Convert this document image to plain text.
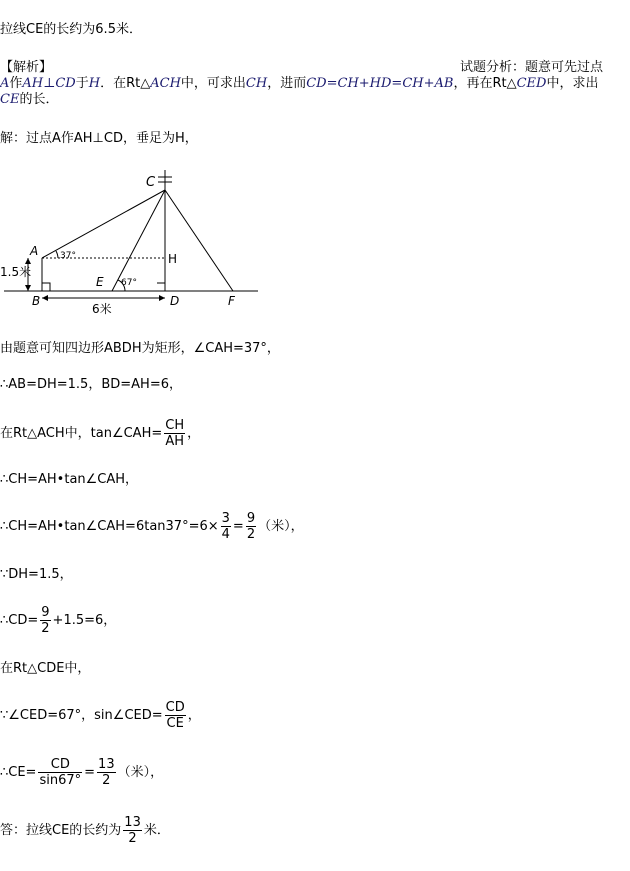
拉线CE的长约为6.5米．
【解析】	试题分析：题意可先过点
A作AH⊥CD于H．在Rt△ACH中，可求出CH，进而CD=CH+HD=CH+AB，再在Rt△CED中，求出
CE的长．
解：过点A作AH⊥CD，垂足为H，
C
A
H
E
B	D	F
37°
67°
1.5米
6米
由题意可知四边形ABDH为矩形，∠CAH=37°，
∴AB=DH=1.5，BD=AH=6，
在Rt△ACH中，tan∠CAH= $\frac{CH}{AH}$ ，
∴CH=AH•tan∠CAH，
∴CH=AH•tan∠CAH=6tan37°=6× $\frac{3}{4} = \frac{9}{2}$ （米），
∵DH=1.5，
∴CD= $\frac{9}{2} +1.5=6$，
在Rt△CDE中，
∵∠CED=67°，sin∠CED= $\frac{CD}{CE}$ ，
∴CE= $\frac{CD}{\sin 67^\circ} = \frac{13}{2}$ （米），
答：拉线CE的长约为 $\frac{13}{2}$ 米．
